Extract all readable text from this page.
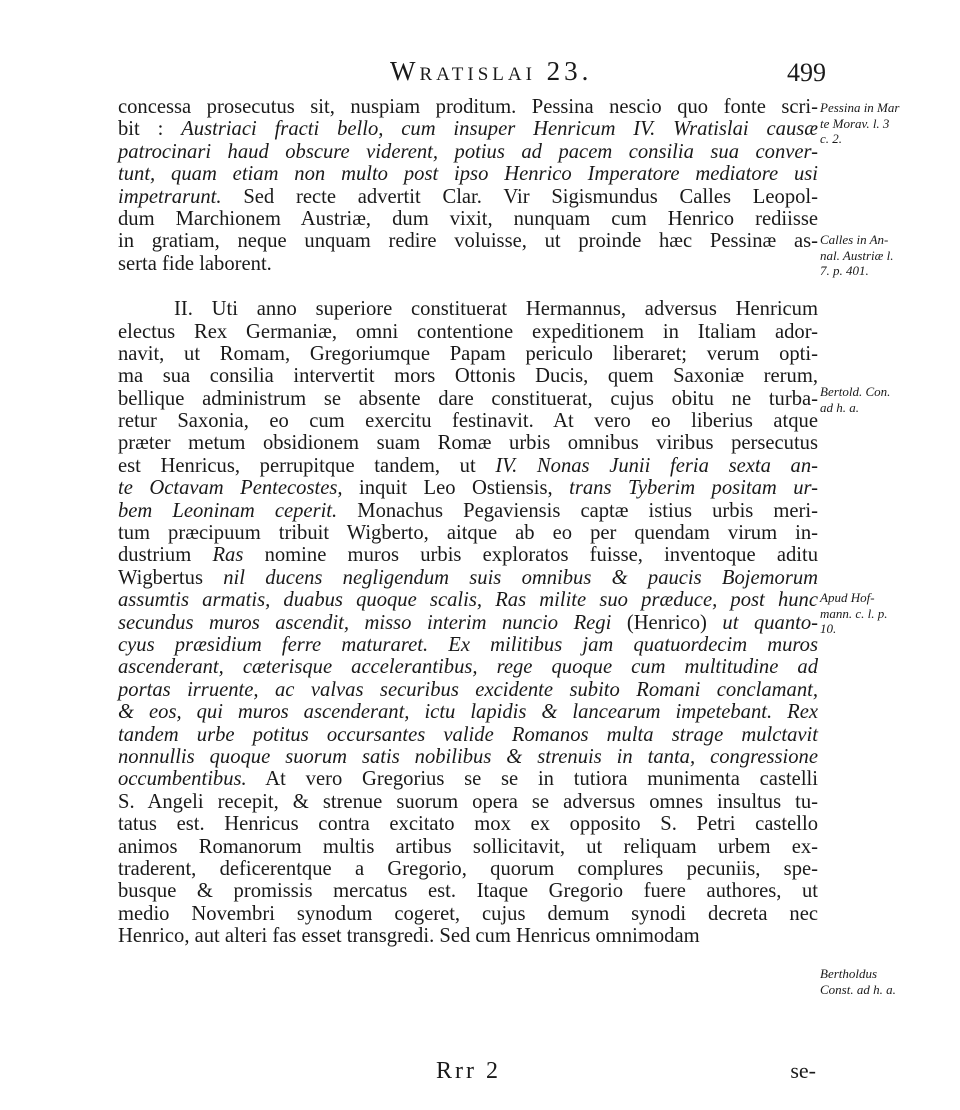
Wratislai 23.	499
concessa prosecutus sit, nuspiam proditum. Pessina nescio quo fonte scri-
bit : Austriaci fracti bello, cum insuper Henricum IV. Wratislai causæ
patrocinari haud obscure viderent, potius ad pacem consilia sua conver-
tunt, quam etiam non multo post ipso Henrico Imperatore mediatore usi
impetrarunt. Sed recte advertit Clar. Vir Sigismundus Calles Leopol-
dum Marchionem Austriæ, dum vixit, nunquam cum Henrico rediisse
in gratiam, neque unquam redire voluisse, ut proinde hæc Pessinæ as-
serta fide laborent.
II. Uti anno superiore constituerat Hermannus, adversus Henricum
electus Rex Germaniæ, omni contentione expeditionem in Italiam ador-
navit, ut Romam, Gregoriumque Papam periculo liberaret; verum opti-
ma sua consilia intervertit mors Ottonis Ducis, quem Saxoniæ rerum,
bellique administrum se absente dare constituerat, cujus obitu ne turba-
retur Saxonia, eo cum exercitu festinavit. At vero eo liberius atque
præter metum obsidionem suam Romæ urbis omnibus viribus persecutus
est Henricus, perrupitque tandem, ut IV. Nonas Junii feria sexta an-
te Octavam Pentecostes, inquit Leo Ostiensis, trans Tyberim positam ur-
bem Leoninam ceperit. Monachus Pegaviensis captæ istius urbis meri-
tum præcipuum tribuit Wigberto, aitque ab eo per quendam virum in-
dustrium Ras nomine muros urbis exploratos fuisse, inventoque aditu
Wigbertus nil ducens negligendum suis omnibus & paucis Bojemorum
assumtis armatis, duabus quoque scalis, Ras milite suo præduce, post hunc
secundus muros ascendit, misso interim nuncio Regi (Henrico) ut quanto-
cyus præsidium ferre maturaret. Ex militibus jam quatuordecim muros
ascenderant, cæterisque accelerantibus, rege quoque cum multitudine ad
portas irruente, ac valvas securibus excidente subito Romani conclamant,
& eos, qui muros ascenderant, ictu lapidis & lancearum impetebant. Rex
tandem urbe potitus occursantes valide Romanos multa strage mulctavit
nonnullis quoque suorum satis nobilibus & strenuis in tanta, congressione
occumbentibus. At vero Gregorius se se in tutiora munimenta castelli
S. Angeli recepit, & strenue suorum opera se adversus omnes insultus tu-
tatus est. Henricus contra excitato mox ex opposito S. Petri castello
animos Romanorum multis artibus sollicitavit, ut reliquam urbem ex-
traderent, deficerentque a Gregorio, quorum complures pecuniis, spe-
busque & promissis mercatus est. Itaque Gregorio fuere authores, ut
medio Novembri synodum cogeret, cujus demum synodi decreta nec
Henrico, aut alteri fas esset transgredi. Sed cum Henricus omnimodam
Pessina in Mar
te Morav. l. 3
c. 2.
Calles in An-
nal. Austriæ l.
7. p. 401.
Bertold. Con.
ad h. a.
Apud Hof-
mann. c. l. p.
10.
Bertholdus
Const. ad h. a.
Rrr 2	se-
